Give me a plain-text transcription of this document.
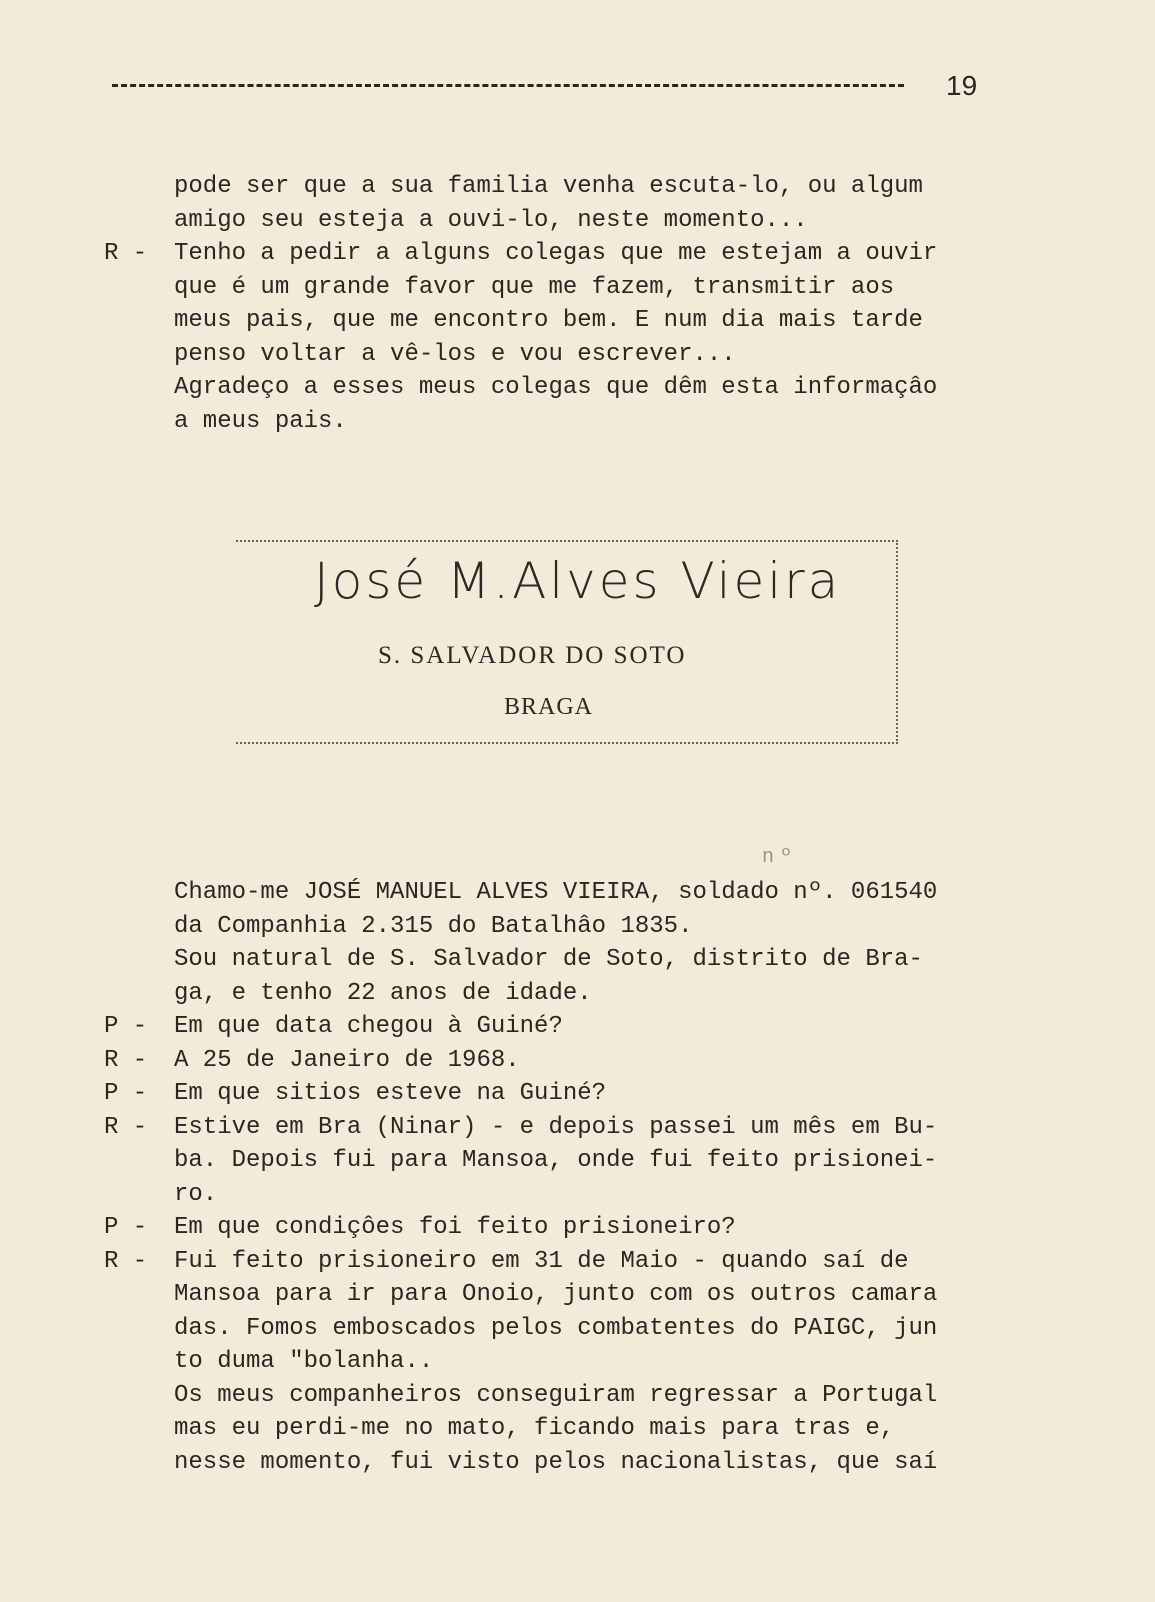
19
pode ser que a sua familia venha escuta-lo, ou algum
amigo seu esteja a ouvi-lo, neste momento...
R - Tenho a pedir a alguns colegas que me estejam a ouvir
que é um grande favor que me fazem, transmitir aos
meus pais, que me encontro bem. E num dia mais tarde
penso voltar a vê-los e vou escrever...
Agradeço a esses meus colegas que dêm esta informaçâo
a meus pais.
José M.Alves Vieira
S. SALVADOR DO SOTO
BRAGA
nº
Chamo-me JOSÉ MANUEL ALVES VIEIRA, soldado nº. 061540
da Companhia 2.315 do Batalhâo 1835.
Sou natural de S. Salvador de Soto, distrito de Bra-
ga, e tenho 22 anos de idade.
P - Em que data chegou à Guiné?
R - A 25 de Janeiro de 1968.
P - Em que sitios esteve na Guiné?
R - Estive em Bra (Ninar) - e depois passei um mês em Bu-
ba. Depois fui para Mansoa, onde fui feito prisionei-
ro.
P - Em que condiçôes foi feito prisioneiro?
R - Fui feito prisioneiro em 31 de Maio - quando saí de
Mansoa para ir para Onoio, junto com os outros camara
das. Fomos emboscados pelos combatentes do PAIGC, jun
to duma "bolanha..
Os meus companheiros conseguiram regressar a Portugal
mas eu perdi-me no mato, ficando mais para tras e,
nesse momento, fui visto pelos nacionalistas, que saí
